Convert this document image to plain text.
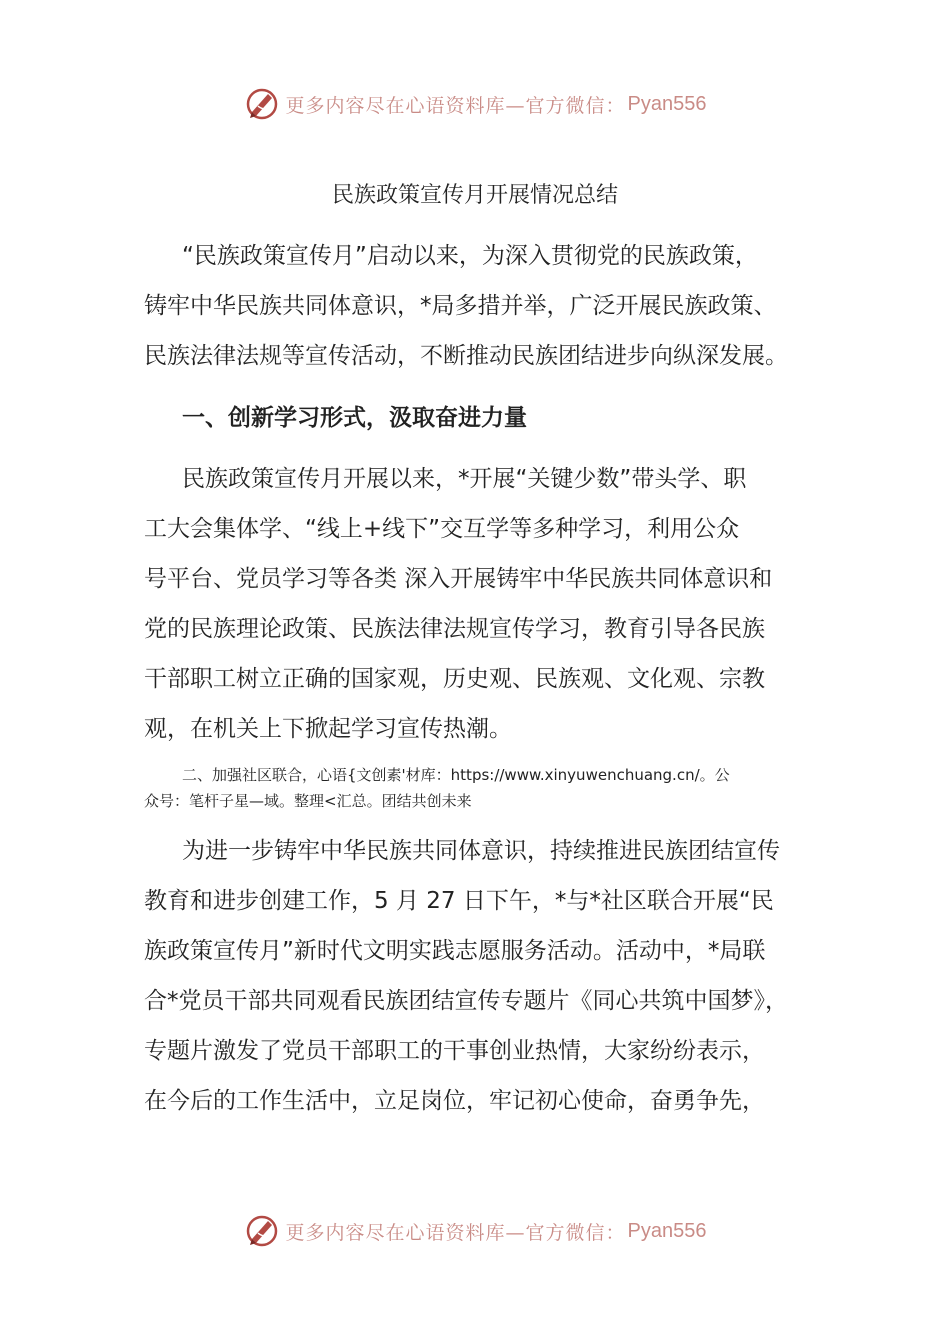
更多内容尽在心语资料库—官方微信： Pyan556
民族政策宣传月开展情况总结
“民族政策宣传月”启动以来，为深入贯彻党的民族政策，
铸牢中华民族共同体意识，*局多措并举，广泛开展民族政策、
民族法律法规等宣传活动，不断推动民族团结进步向纵深发展。
一、创新学习形式，汲取奋进力量
民族政策宣传月开展以来，*开展“关键少数”带头学、职
工大会集体学、“线上+线下”交互学等多种学习，利用公众
号平台、党员学习等各类 深入开展铸牢中华民族共同体意识和
党的民族理论政策、民族法律法规宣传学习，教育引导各民族
干部职工树立正确的国家观，历史观、民族观、文化观、宗教
观，在机关上下掀起学习宣传热潮。
二、加强社区联合，心语{文创素'材库：https://www.xinyuwenchuang.cn/。公
众号：笔杆子星—域。整理<汇总。团结共创未来
为进一步铸牢中华民族共同体意识，持续推进民族团结宣传
教育和进步创建工作，5 月 27 日下午，*与*社区联合开展“民
族政策宣传月”新时代文明实践志愿服务活动。活动中，*局联
合*党员干部共同观看民族团结宣传专题片《同心共筑中国梦》，
专题片激发了党员干部职工的干事创业热情，大家纷纷表示，
在今后的工作生活中，立足岗位，牢记初心使命，奋勇争先，
更多内容尽在心语资料库—官方微信： Pyan556
